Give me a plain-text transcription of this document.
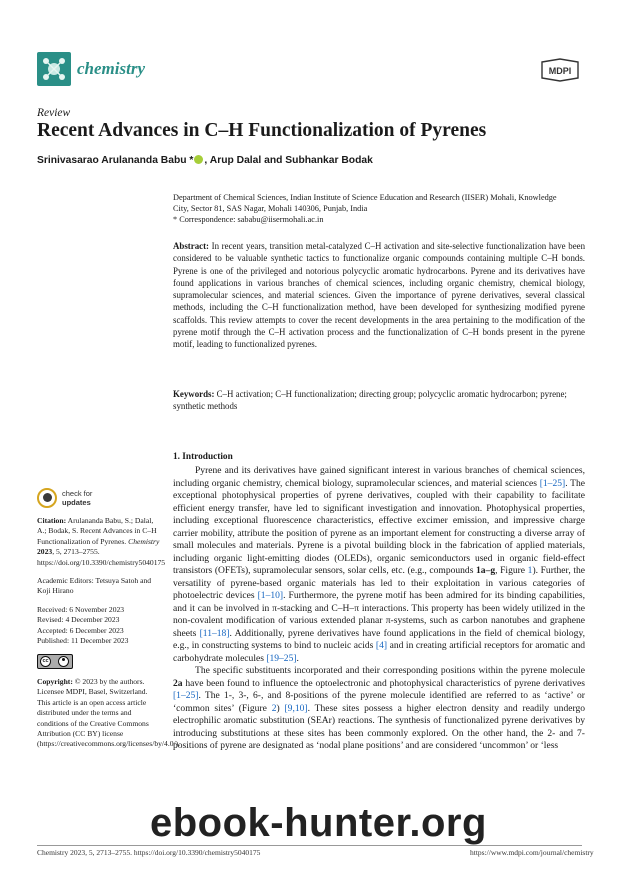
chemistry	MDPI
Review
Recent Advances in C–H Functionalization of Pyrenes
Srinivasarao Arulananda Babu * , Arup Dalal and Subhankar Bodak
Department of Chemical Sciences, Indian Institute of Science Education and Research (IISER) Mohali, Knowledge
City, Sector 81, SAS Nagar, Mohali 140306, Punjab, India
* Correspondence: sababu@iisermohali.ac.in
Abstract: In recent years, transition metal-catalyzed C–H activation and site-selective functionalization have been considered to be valuable synthetic tactics to functionalize organic compounds containing multiple C–H bonds. Pyrene is one of the privileged and notorious polycyclic aromatic hydrocarbons. Pyrene and its derivatives have found applications in various branches of chemical sciences, including organic chemistry, chemical biology, supramolecular sciences, and material sciences. Given the importance of pyrene derivatives, several classical methods, including the C–H functionalization method, have been developed for synthesizing modified pyrene scaffolds. This review attempts to cover the recent developments in the area pertaining to the modification of the pyrene motif through the C–H activation process and the functionalization of C–H bonds present in the pyrene motif, leading to functionalized pyrenes.
Keywords: C–H activation; C–H functionalization; directing group; polycyclic aromatic hydrocarbon; pyrene; synthetic methods
1. Introduction

Pyrene and its derivatives have gained significant interest in various branches of chemical sciences, including organic chemistry, chemical biology, supramolecular sciences, and material sciences [1–25]. The exceptional photophysical properties of pyrene derivatives, coupled with their capability to facilitate efficient energy transfer, have led to significant investigation and innovation. Photophysical properties, including exceptional fluorescence characteristics, effective excimer emission, and impressive charge carrier mobility, attribute the position of pyrene as an important element for constructing a diverse array of small molecules and materials. Pyrene is a pivotal building block in the fabrication of applied materials, including organic light-emitting diodes (OLEDs), organic semiconductors used in organic field-effect transistors (OFETs), supramolecular sensors, solar cells, etc. (e.g., compounds 1a–g, Figure 1). Further, the versatility of pyrene-based organic materials has led to their exploitation in various categories of photoelectric devices [1–10]. Furthermore, the pyrene motif has been admired for its binding capabilities, and it can be involved in π-stacking and C–H–π interactions. This property has been widely utilized in the non-covalent modification of various extended planar π-systems, such as carbon nanotubes and graphene sheets [11–18]. Additionally, pyrene derivatives have found applications in the field of chemical biology, e.g., in constructing systems to bind to nucleic acids [4] and in creating artificial receptors for aromatic and carbohydrate molecules [19–25].

The specific substituents incorporated and their corresponding positions within the pyrene molecule 2a have been found to influence the optoelectronic and photophysical characteristics of pyrene derivatives [1–25]. The 1-, 3-, 6-, and 8-positions of the pyrene molecule identified are referred to as ‘active’ or ‘common sites’ (Figure 2) [9,10]. These sites possess a higher electron density and readily undergo electrophilic aromatic substitution (SEAr) reactions. The synthesis of functionalized pyrene derivatives by introducing substitutions at these sites has been commonly explored. On the other hand, the 2- and 7-positions of pyrene are designated as ‘nodal plane positions’ and are considered ‘uncommon’ or ‘less

check for
updates
Citation: Arulananda Babu, S.; Dalal, A.; Bodak, S. Recent Advances in C–H Functionalization of Pyrenes. Chemistry 2023, 5, 2713–2755. https://doi.org/10.3390/chemistry5040175
Academic Editors: Tetsuya Satoh and Koji Hirano
Received: 6 November 2023
Revised: 4 December 2023
Accepted: 6 December 2023
Published: 11 December 2023
cc
Copyright: © 2023 by the authors. Licensee MDPI, Basel, Switzerland. This article is an open access article distributed under the terms and conditions of the Creative Commons Attribution (CC BY) license (https://creativecommons.org/licenses/by/4.0/).
Chemistry 2023, 5, 2713–2755. https://doi.org/10.3390/chemistry5040175	https://www.mdpi.com/journal/chemistry
ebook-hunter.org
